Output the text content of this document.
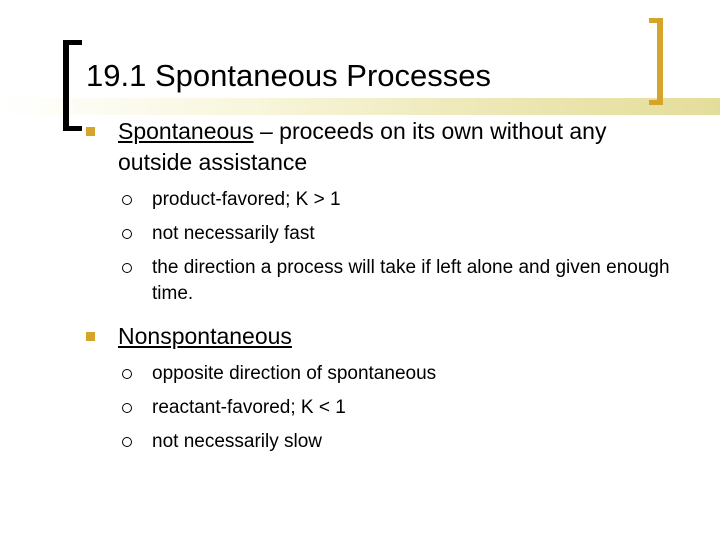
19.1 Spontaneous Processes
Spontaneous – proceeds on its own without any outside assistance
product-favored; K > 1
not necessarily fast
the direction a process will take if left alone and given enough time.
Nonspontaneous
opposite direction of spontaneous
reactant-favored; K < 1
not necessarily slow
